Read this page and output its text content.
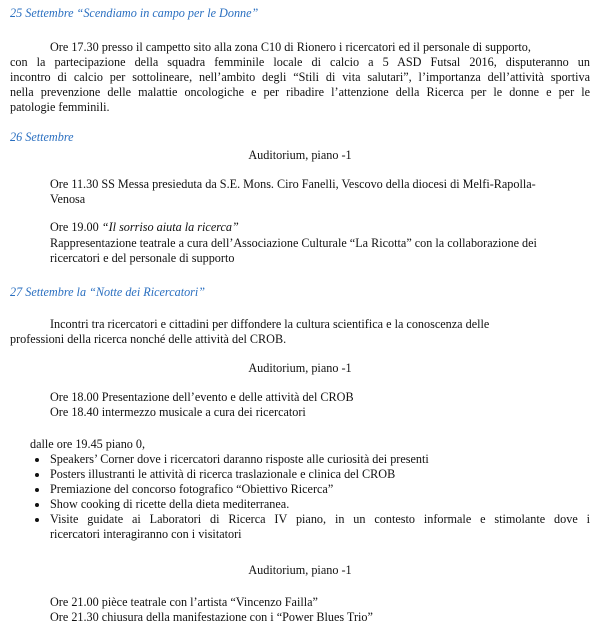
25 Settembre “Scendiamo in campo per le Donne”
Ore 17.30 presso il campetto sito alla zona C10 di Rionero i ricercatori ed il personale di supporto,
con la partecipazione della squadra femminile locale di calcio a 5 ASD Futsal 2016, disputeranno un
incontro di calcio per sottolineare, nell’ambito degli “Stili di vita salutari”, l’importanza dell’attività sportiva
nella prevenzione delle malattie oncologiche e per ribadire l’attenzione della Ricerca per le donne e per le
patologie femminili.
26 Settembre
Auditorium, piano -1
Ore 11.30 SS Messa presieduta da S.E. Mons. Ciro Fanelli, Vescovo della diocesi di Melfi-Rapolla-
Venosa
Ore 19.00 “Il sorriso aiuta la ricerca”
Rappresentazione teatrale a cura dell’Associazione Culturale “La Ricotta” con la collaborazione dei
ricercatori e del personale di supporto
27 Settembre la “Notte dei Ricercatori”
Incontri tra ricercatori e cittadini per diffondere la cultura scientifica e la conoscenza delle
professioni della ricerca nonché delle attività del CROB.
Auditorium, piano -1
Ore 18.00 Presentazione dell’evento e delle attività del CROB
Ore 18.40 intermezzo musicale a cura dei ricercatori
dalle ore 19.45 piano 0,
Speakers’ Corner dove i ricercatori daranno risposte alle curiosità dei presenti
Posters illustranti le attività di ricerca traslazionale e clinica del CROB
Premiazione del concorso fotografico “Obiettivo Ricerca”
Show cooking di ricette della dieta mediterranea.
Visite guidate ai Laboratori di Ricerca IV piano, in un contesto informale e stimolante dove i
ricercatori interagiranno con i visitatori
Auditorium, piano -1
Ore 21.00 pièce teatrale con l’artista “Vincenzo Failla”
Ore 21.30 chiusura della manifestazione con i “Power Blues Trio”
